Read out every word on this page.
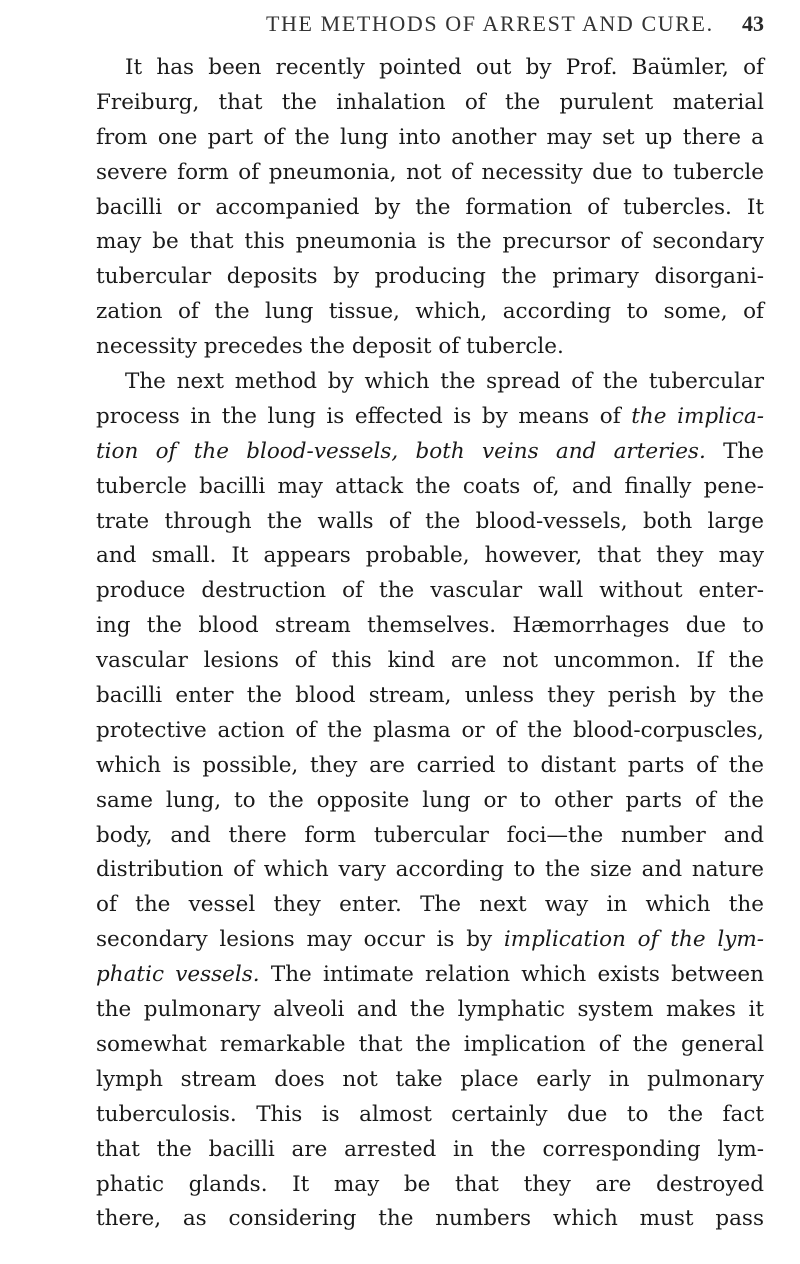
THE METHODS OF ARREST AND CURE. 43
It has been recently pointed out by Prof. Baümler, of
Freiburg, that the inhalation of the purulent material
from one part of the lung into another may set up there a
severe form of pneumonia, not of necessity due to tubercle
bacilli or accompanied by the formation of tubercles. It
may be that this pneumonia is the precursor of secondary
tubercular deposits by producing the primary disorgani-
zation of the lung tissue, which, according to some, of
necessity precedes the deposit of tubercle.
The next method by which the spread of the tubercular
process in the lung is effected is by means of the implica-
tion of the blood-vessels, both veins and arteries. The
tubercle bacilli may attack the coats of, and finally pene-
trate through the walls of the blood-vessels, both large
and small. It appears probable, however, that they may
produce destruction of the vascular wall without enter-
ing the blood stream themselves. Hæmorrhages due to
vascular lesions of this kind are not uncommon. If the
bacilli enter the blood stream, unless they perish by the
protective action of the plasma or of the blood-corpuscles,
which is possible, they are carried to distant parts of the
same lung, to the opposite lung or to other parts of the
body, and there form tubercular foci—the number and
distribution of which vary according to the size and nature
of the vessel they enter. The next way in which the
secondary lesions may occur is by implication of the lym-
phatic vessels. The intimate relation which exists between
the pulmonary alveoli and the lymphatic system makes it
somewhat remarkable that the implication of the general
lymph stream does not take place early in pulmonary
tuberculosis. This is almost certainly due to the fact
that the bacilli are arrested in the corresponding lym-
phatic glands. It may be that they are destroyed
there, as considering the numbers which must pass
